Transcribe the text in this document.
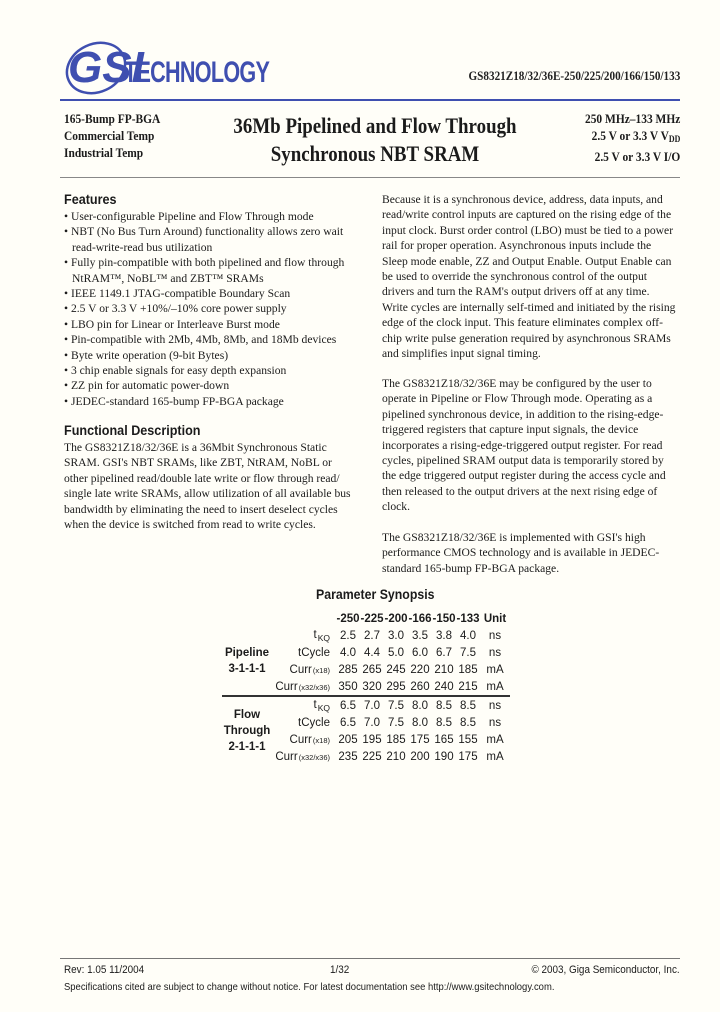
GSI
TECHNOLOGY	GS8321Z18/32/36E-250/225/200/166/150/133
165-Bump FP-BGA
Commercial Temp
Industrial Temp
36Mb Pipelined and Flow Through
Synchronous NBT SRAM
250 MHz–133 MHz
2.5 V or 3.3 V $V_{DD}$
2.5 V or 3.3 V I/O
Features
• User-configurable Pipeline and Flow Through mode
• NBT (No Bus Turn Around) functionality allows zero wait
read-write-read bus utilization
• Fully pin-compatible with both pipelined and flow through
NtRAM™, NoBL™ and ZBT™ SRAMs
• IEEE 1149.1 JTAG-compatible Boundary Scan
• 2.5 V or 3.3 V +10%/–10% core power supply
• LBO pin for Linear or Interleave Burst mode
• Pin-compatible with 2Mb, 4Mb, 8Mb, and 18Mb devices
• Byte write operation (9-bit Bytes)
• 3 chip enable signals for easy depth expansion
• ZZ pin for automatic power-down
• JEDEC-standard 165-bump FP-BGA package
Functional Description
The GS8321Z18/32/36E is a 36Mbit Synchronous Static
SRAM. GSI's NBT SRAMs, like ZBT, NtRAM, NoBL or
other pipelined read/double late write or flow through read/
single late write SRAMs, allow utilization of all available bus
bandwidth by eliminating the need to insert deselect cycles
when the device is switched from read to write cycles.
Because it is a synchronous device, address, data inputs, and
read/write control inputs are captured on the rising edge of the
input clock. Burst order control (LBO) must be tied to a power
rail for proper operation. Asynchronous inputs include the
Sleep mode enable, ZZ and Output Enable. Output Enable can
be used to override the synchronous control of the output
drivers and turn the RAM's output drivers off at any time.
Write cycles are internally self-timed and initiated by the rising
edge of the clock input. This feature eliminates complex off-
chip write pulse generation required by asynchronous SRAMs
and simplifies input signal timing.
The GS8321Z18/32/36E may be configured by the user to
operate in Pipeline or Flow Through mode. Operating as a
pipelined synchronous device, in addition to the rising-edge-
triggered registers that capture input signals, the device
incorporates a rising-edge-triggered output register. For read
cycles, pipelined SRAM output data is temporarily stored by
the edge triggered output register during the access cycle and
then released to the output drivers at the next rising edge of
clock.
The GS8321Z18/32/36E is implemented with GSI's high
performance CMOS technology and is available in JEDEC-
standard 165-bump FP-BGA package.
Parameter Synopsis
		-250	-225	-200	-166	-150	-133	Unit

Pipeline
3-1-1-1	$t_{KQ}$	2.5	2.7	3.0	3.5	3.8	4.0	ns
	tCycle	4.0	4.4	5.0	6.0	6.7	7.5	ns
	Curr(x18)	285	265	245	220	210	185	mA
	Curr(x32/x36)	350	320	295	260	240	215	mA

Flow
Through
2-1-1-1	$t_{KQ}$	6.5	7.0	7.5	8.0	8.5	8.5	ns
	tCycle	6.5	7.0	7.5	8.0	8.5	8.5	ns
	Curr(x18)	205	195	185	175	165	155	mA
	Curr(x32/x36)	235	225	210	200	190	175	mA
Rev: 1.05 11/2004	1/32	© 2003, Giga Semiconductor, Inc.
Specifications cited are subject to change without notice. For latest documentation see http://www.gsitechnology.com.
